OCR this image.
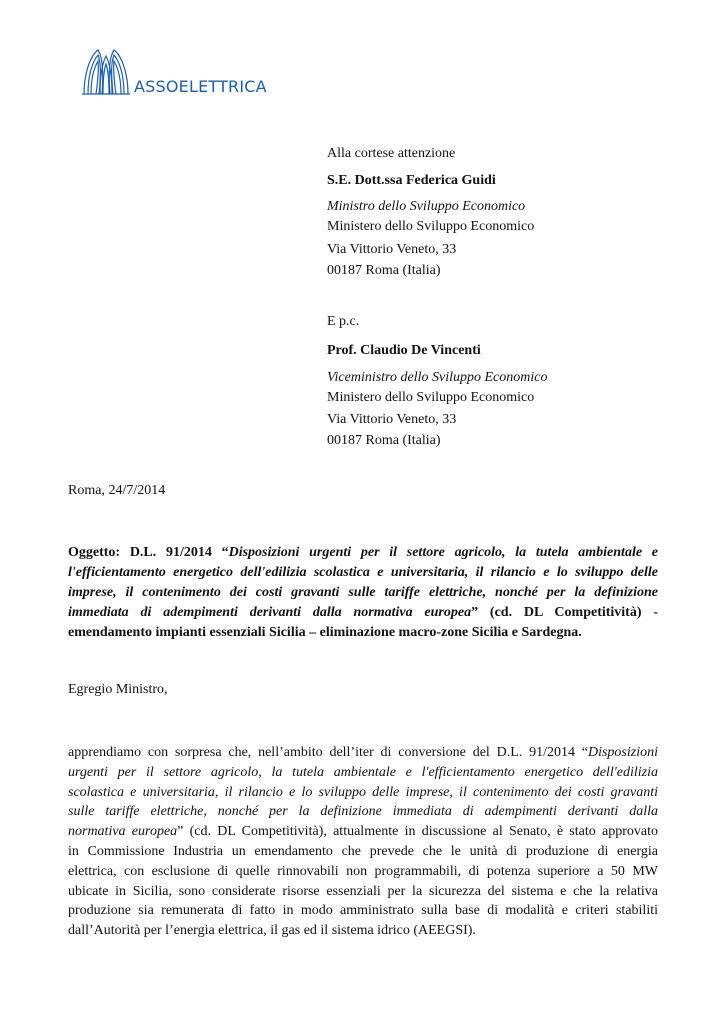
ASSOELETTRICA
Alla cortese attenzione
S.E. Dott.ssa Federica Guidi
Ministro dello Sviluppo Economico
Ministero dello Sviluppo Economico
Via Vittorio Veneto, 33
00187 Roma (Italia)
E p.c.
Prof. Claudio De Vincenti
Viceministro dello Sviluppo Economico
Ministero dello Sviluppo Economico
Via Vittorio Veneto, 33
00187 Roma (Italia)
Roma, 24/7/2014
Oggetto: D.L. 91/2014 “Disposizioni urgenti per il settore agricolo, la tutela ambientale e
l'efficientamento energetico dell'edilizia scolastica e universitaria, il rilancio e lo sviluppo delle
imprese, il contenimento dei costi gravanti sulle tariffe elettriche, nonché per la definizione
immediata di adempimenti derivanti dalla normativa europea” (cd. DL Competitività) -
emendamento impianti essenziali Sicilia – eliminazione macro-zone Sicilia e Sardegna.
Egregio Ministro,
apprendiamo con sorpresa che, nell’ambito dell’iter di conversione del D.L. 91/2014 “Disposizioni
urgenti per il settore agricolo, la tutela ambientale e l'efficientamento energetico dell'edilizia
scolastica e universitaria, il rilancio e lo sviluppo delle imprese, il contenimento dei costi gravanti
sulle tariffe elettriche, nonché per la definizione immediata di adempimenti derivanti dalla
normativa europea” (cd. DL Competitività), attualmente in discussione al Senato, è stato approvato
in Commissione Industria un emendamento che prevede che le unità di produzione di energia
elettrica, con esclusione di quelle rinnovabili non programmabili, di potenza superiore a 50 MW
ubicate in Sicilia, sono considerate risorse essenziali per la sicurezza del sistema e che la relativa
produzione sia remunerata di fatto in modo amministrato sulla base di modalità e criteri stabiliti
dall’Autorità per l’energia elettrica, il gas ed il sistema idrico (AEEGSI).
